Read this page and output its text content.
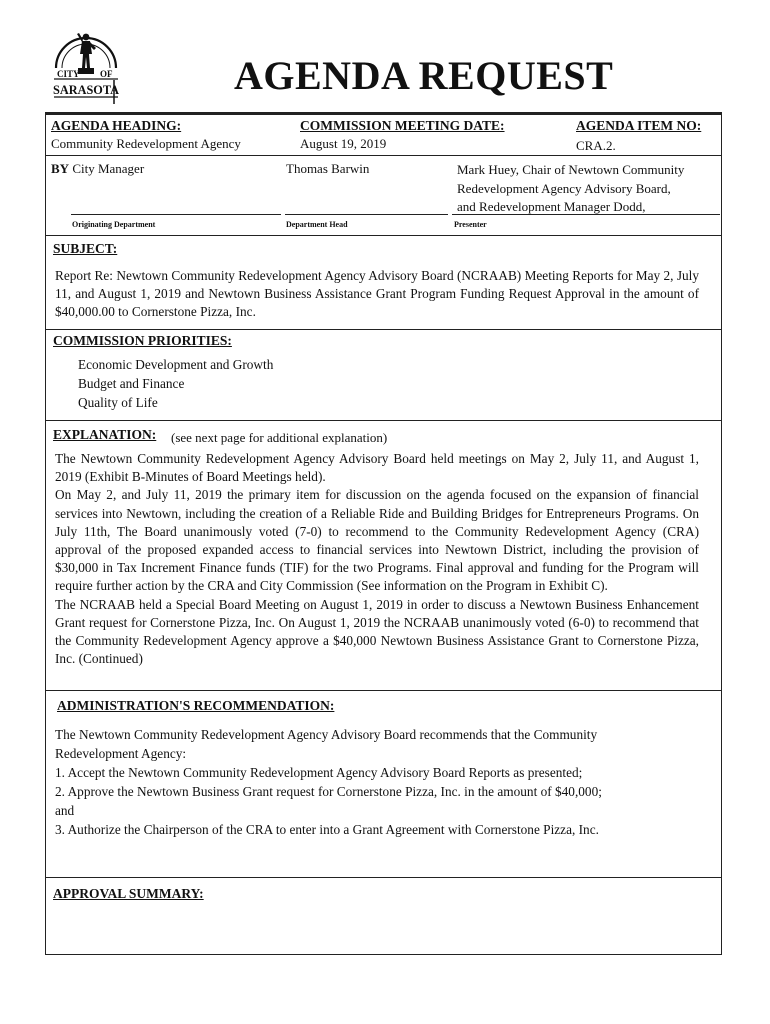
CITY OF
SARASOTA	AGENDA REQUEST
AGENDA HEADING:
Community Redevelopment Agency
COMMISSION MEETING DATE:
August 19, 2019
AGENDA ITEM NO:
CRA.2.
BY City Manager	Thomas Barwin	Mark Huey, Chair of Newtown Community
Redevelopment Agency Advisory Board,
and Redevelopment Manager Dodd,
Originating Department	Department Head	Presenter
SUBJECT:

Report Re: Newtown Community Redevelopment Agency Advisory Board (NCRAAB) Meeting Reports for May 2, July 11, and August 1, 2019 and Newtown Business Assistance Grant Program Funding Request Approval in the amount of $40,000.00 to Cornerstone Pizza, Inc.

COMMISSION PRIORITIES:
Economic Development and Growth
Budget and Finance
Quality of Life
EXPLANATION: (see next page for additional explanation)

The Newtown Community Redevelopment Agency Advisory Board held meetings on May 2, July 11, and August 1, 2019 (Exhibit B-Minutes of Board Meetings held).

On May 2, and July 11, 2019 the primary item for discussion on the agenda focused on the expansion of financial services into Newtown, including the creation of a Reliable Ride and Building Bridges for Entrepreneurs Programs. On July 11th, The Board unanimously voted (7-0) to recommend to the Community Redevelopment Agency (CRA) approval of the proposed expanded access to financial services into Newtown District, including the provision of $30,000 in Tax Increment Finance funds (TIF) for the two Programs. Final approval and funding for the Program will require further action by the CRA and City Commission (See information on the Program in Exhibit C).

The NCRAAB held a Special Board Meeting on August 1, 2019 in order to discuss a Newtown Business Enhancement Grant request for Cornerstone Pizza, Inc. On August 1, 2019 the NCRAAB unanimously voted (6-0) to recommend that the Community Redevelopment Agency approve a $40,000 Newtown Business Assistance Grant to Cornerstone Pizza, Inc. (Continued)

ADMINISTRATION'S RECOMMENDATION:
The Newtown Community Redevelopment Agency Advisory Board recommends that the Community
Redevelopment Agency:
1. Accept the Newtown Community Redevelopment Agency Advisory Board Reports as presented;
2. Approve the Newtown Business Grant request for Cornerstone Pizza, Inc. in the amount of $40,000;
and
3. Authorize the Chairperson of the CRA to enter into a Grant Agreement with Cornerstone Pizza, Inc.
APPROVAL SUMMARY:
